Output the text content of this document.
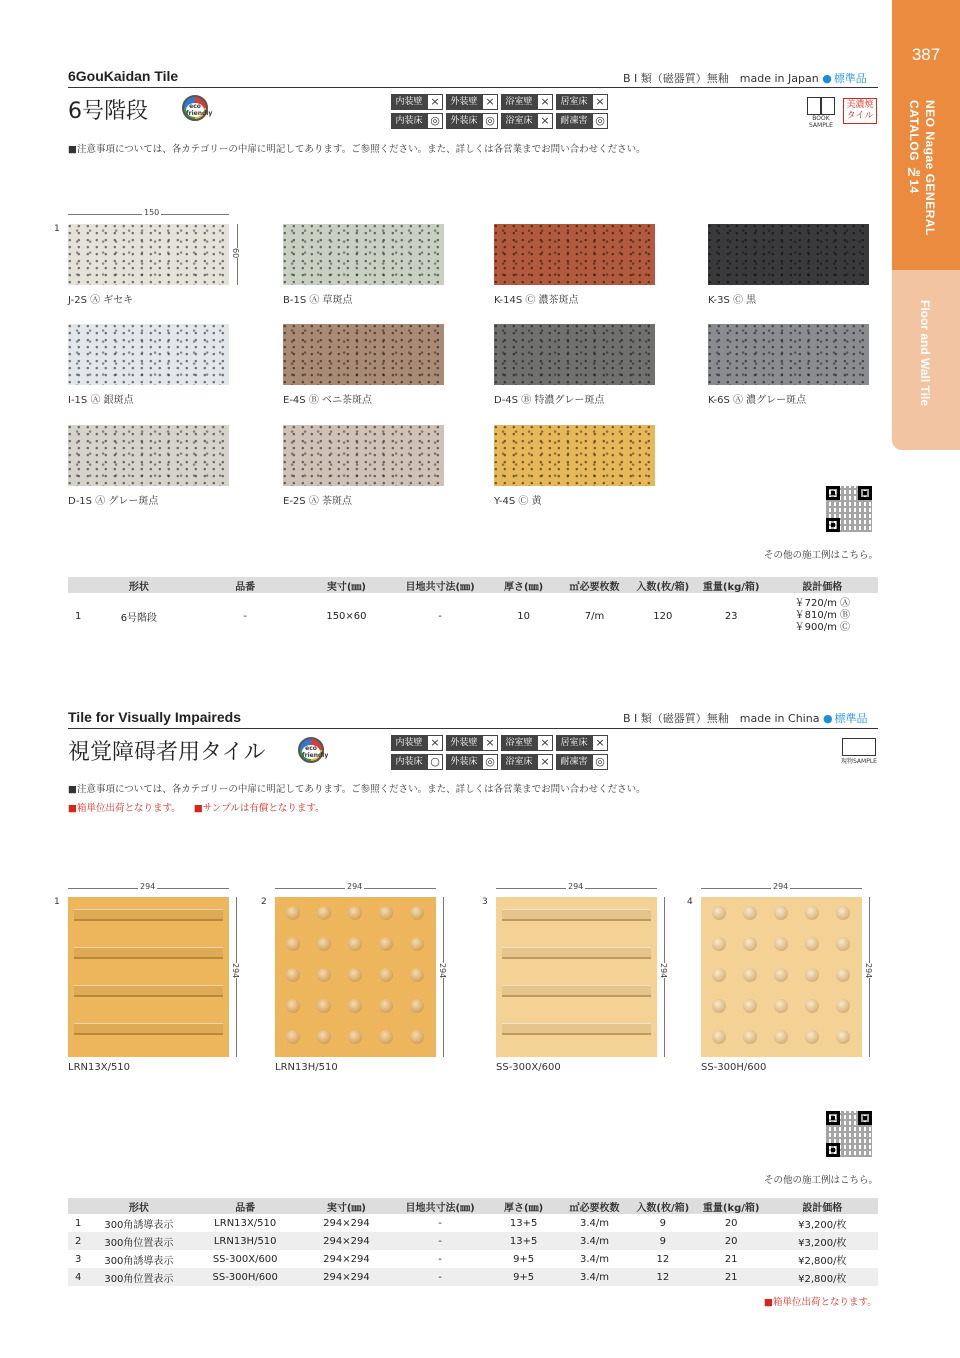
387
NEO Nagae GENERAL CATALOG №14
Floor and Wall Tile
6GouKaidan Tile	B I 類（磁器質）無釉　made in Japan ● 標準品
6号階段	eco friendly
内装壁 ×	外装壁 ×	浴室壁 ×	居室床 ×
内装床 ◎	外装床 ◎	浴室床 ×	耐凍害 ◎	BOOK SAMPLE
美濃焼タイル
■注意事項については、各カテゴリーの中扉に明記してあります。ご参照ください。また、詳しくは各営業までお問い合わせください。
1
150
60
J-2S Ⓐ ギセキ	B-1S Ⓐ 草斑点	K-14S Ⓒ 濃茶斑点	K-3S Ⓒ 黒
I-1S Ⓐ 銀斑点	E-4S Ⓑ ベニ茶斑点	D-4S Ⓑ 特濃グレー斑点	K-6S Ⓐ 濃グレー斑点
D-1S Ⓐ グレー斑点	E-2S Ⓐ 茶斑点	Y-4S Ⓒ 黄
その他の施工例はこちら。
	形状	品番	実寸(㎜)	目地共寸法(㎜)	厚さ(㎜)	㎡必要枚数	入数(枚/箱)	重量(kg/箱)	設計価格
1	6号階段	-	150×60	-	10	7/m	120	23	￥720/m Ⓐ
￥810/m Ⓑ
￥900/m Ⓒ
Tile for Visually Impaireds	B I 類（磁器質）無釉　made in China ● 標準品
視覚障碍者用タイル	eco friendly
内装壁 ×	外装壁 ×	浴室壁 ×	居室床 ×
内装床 ○	外装床 ◎	浴室床 ×	耐凍害 ◎	現物SAMPLE
■注意事項については、各カテゴリーの中扉に明記してあります。ご参照ください。また、詳しくは各営業までお問い合わせください。
■箱単位出荷となります。 ■サンプルは有償となります。
1
294
294
LRN13X/510
2
294
294
LRN13H/510
3
294
294
SS-300X/600
4
294
294
SS-300H/600
その他の施工例はこちら。
	形状	品番	実寸(㎜)	目地共寸法(㎜)	厚さ(㎜)	㎡必要枚数	入数(枚/箱)	重量(kg/箱)	設計価格
1	300角誘導表示	LRN13X/510	294×294	-	13+5	3.4/m	9	20	¥3,200/枚
2	300角位置表示	LRN13H/510	294×294	-	13+5	3.4/m	9	20	¥3,200/枚
3	300角誘導表示	SS-300X/600	294×294	-	9+5	3.4/m	12	21	¥2,800/枚
4	300角位置表示	SS-300H/600	294×294	-	9+5	3.4/m	12	21	¥2,800/枚
■箱単位出荷となります。
